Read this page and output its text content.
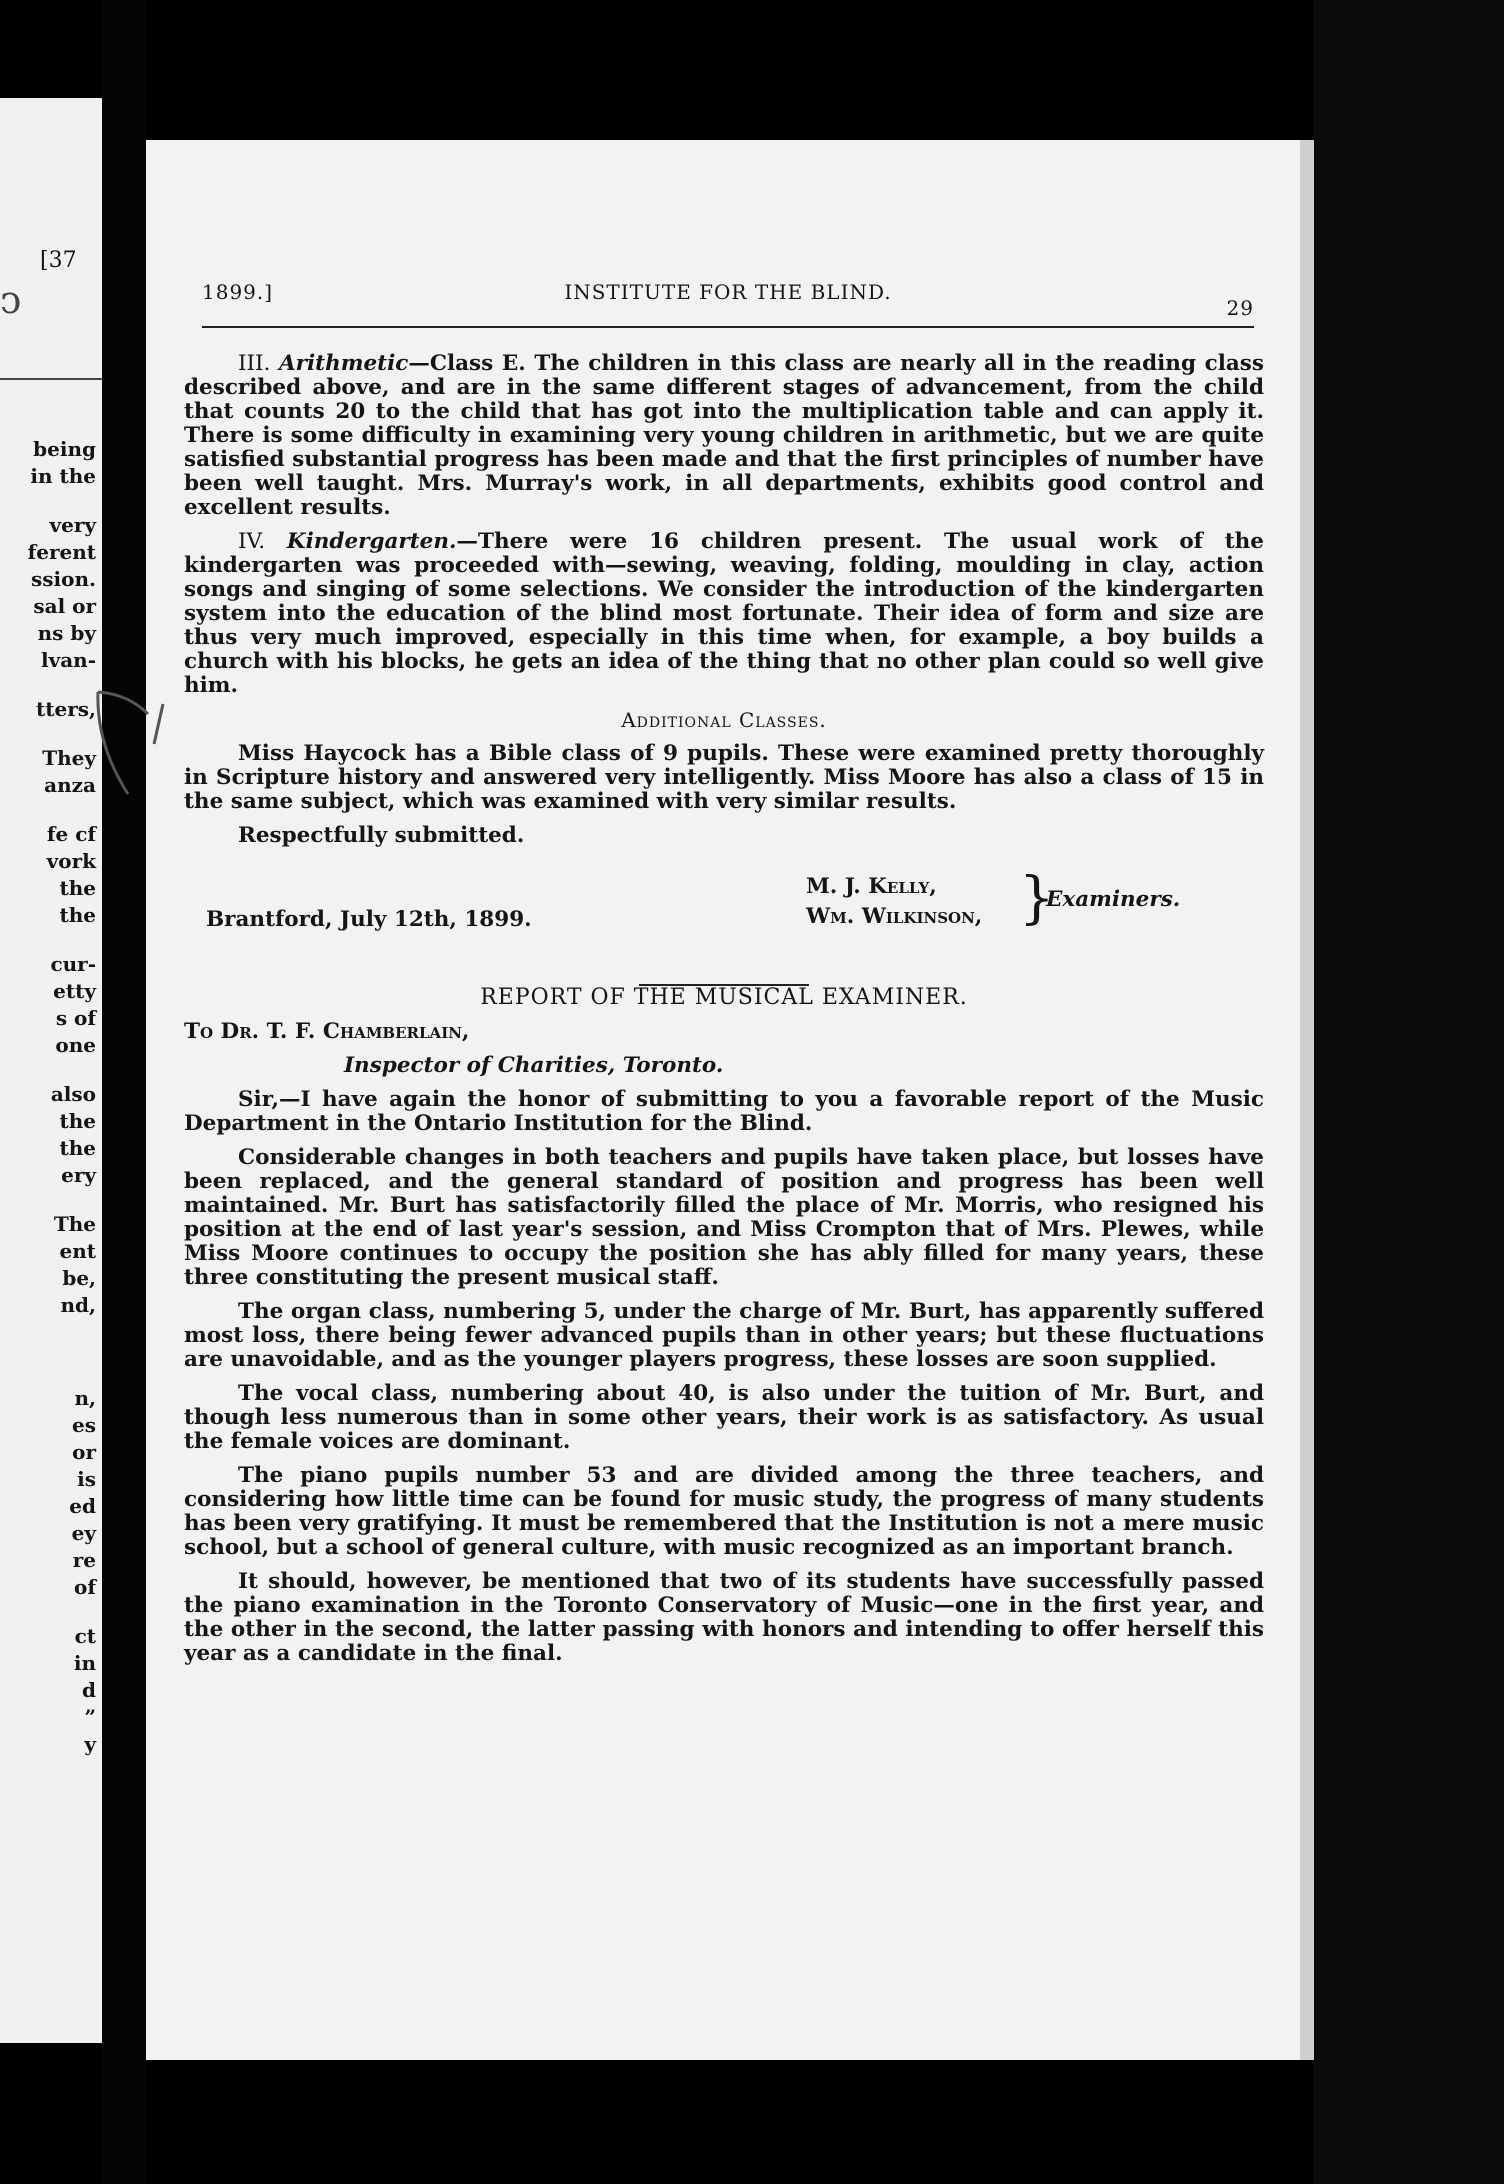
ↄ
[37
being
in the
very
ferent
ssion.
sal or
ns by
lvan-
tters,
They
anza
fe cf
vork
the
the
cur-
etty
s of
one
also
the
the
ery
The
ent
be,
nd,
n,
es
or
is
ed
ey
re
of
ct
in
d
”
y
1899.]	INSTITUTE FOR THE BLIND.
29

III. Arithmetic—Class E. The children in this class are nearly all in the reading class described above, and are in the same different stages of advancement, from the child that counts 20 to the child that has got into the multiplication table and can apply it. There is some difficulty in examining very young children in arithmetic, but we are quite satisfied substantial progress has been made and that the first principles of number have been well taught. Mrs. Murray's work, in all departments, exhibits good control and excellent results.

IV. Kindergarten.—There were 16 children present. The usual work of the kindergarten was proceeded with—sewing, weaving, folding, moulding in clay, action songs and singing of some selections. We consider the introduction of the kindergarten system into the education of the blind most fortunate. Their idea of form and size are thus very much improved, especially in this time when, for example, a boy builds a church with his blocks, he gets an idea of the thing that no other plan could so well give him.

Additional Classes.

Miss Haycock has a Bible class of 9 pupils. These were examined pretty thoroughly in Scripture history and answered very intelligently. Miss Moore has also a class of 15 in the same subject, which was examined with very similar results.

Respectfully submitted.

Brantford, July 12th, 1899.
M. J. Kelly,
Wm. Wilkinson, }
Examiners.

REPORT OF THE MUSICAL EXAMINER.

To Dr. T. F. Chamberlain,

Inspector of Charities, Toronto.

Sir,—I have again the honor of submitting to you a favorable report of the Music Department in the Ontario Institution for the Blind.

Considerable changes in both teachers and pupils have taken place, but losses have been replaced, and the general standard of position and progress has been well maintained. Mr. Burt has satisfactorily filled the place of Mr. Morris, who resigned his position at the end of last year's session, and Miss Crompton that of Mrs. Plewes, while Miss Moore continues to occupy the position she has ably filled for many years, these three constituting the present musical staff.

The organ class, numbering 5, under the charge of Mr. Burt, has apparently suffered most loss, there being fewer advanced pupils than in other years; but these fluctuations are unavoidable, and as the younger players progress, these losses are soon supplied.

The vocal class, numbering about 40, is also under the tuition of Mr. Burt, and though less numerous than in some other years, their work is as satisfactory. As usual the female voices are dominant.

The piano pupils number 53 and are divided among the three teachers, and considering how little time can be found for music study, the progress of many students has been very gratifying. It must be remembered that the Institution is not a mere music school, but a school of general culture, with music recognized as an important branch.

It should, however, be mentioned that two of its students have successfully passed the piano examination in the Toronto Conservatory of Music—one in the first year, and the other in the second, the latter passing with honors and intending to offer herself this year as a candidate in the final.
